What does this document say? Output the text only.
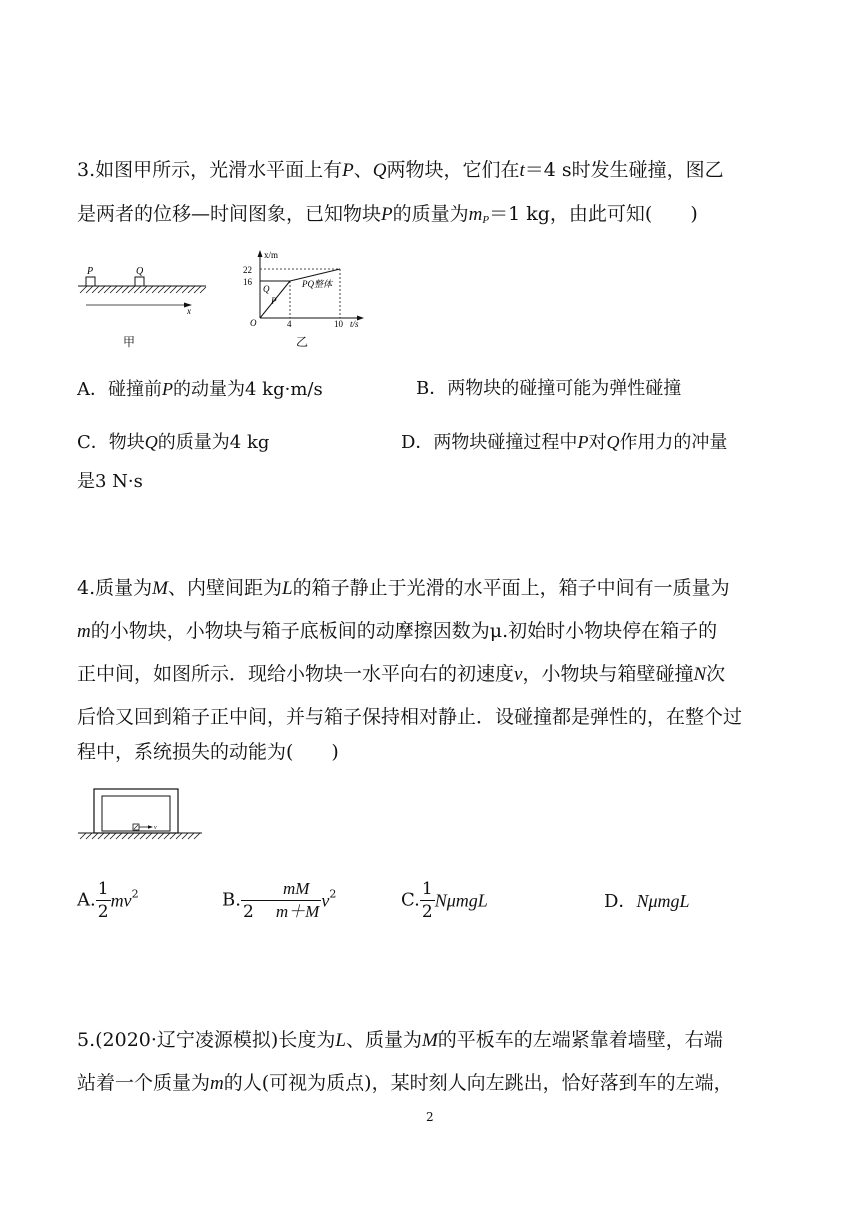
3.如图甲所示，光滑水平面上有P、Q两物块，它们在t＝4 s时发生碰撞，图乙
是两者的位移—时间图象，已知物块P的质量为$m_P=1$ kg，由此可知(　　)
P	Q
x
甲
x/m
22
16
Q
P
PQ整体
O	4	10 t/s
乙
A．碰撞前P的动量为4 kg·m/s	B．两物块的碰撞可能为弹性碰撞
C．物块Q的质量为4 kg	D．两物块碰撞过程中P对Q作用力的冲量
是3 N·s
4.质量为M、内壁间距为L的箱子静止于光滑的水平面上，箱子中间有一质量为
m的小物块，小物块与箱子底板间的动摩擦因数为μ.初始时小物块停在箱子的
正中间，如图所示．现给小物块一水平向右的初速度v，小物块与箱壁碰撞N次
后恰又回到箱子正中间，并与箱子保持相对静止．设碰撞都是弹性的，在整个过
程中，系统损失的动能为(　　)
v
A. $\frac{1}{2} mv^2$	B. $\frac{mM}{2 m+M} v^2$	C. $\frac{1}{2}$ NμmgL	D．NμmgL
5.(2020·辽宁凌源模拟)长度为L、质量为M的平板车的左端紧靠着墙壁，右端
站着一个质量为m的人(可视为质点)，某时刻人向左跳出，恰好落到车的左端，
2
